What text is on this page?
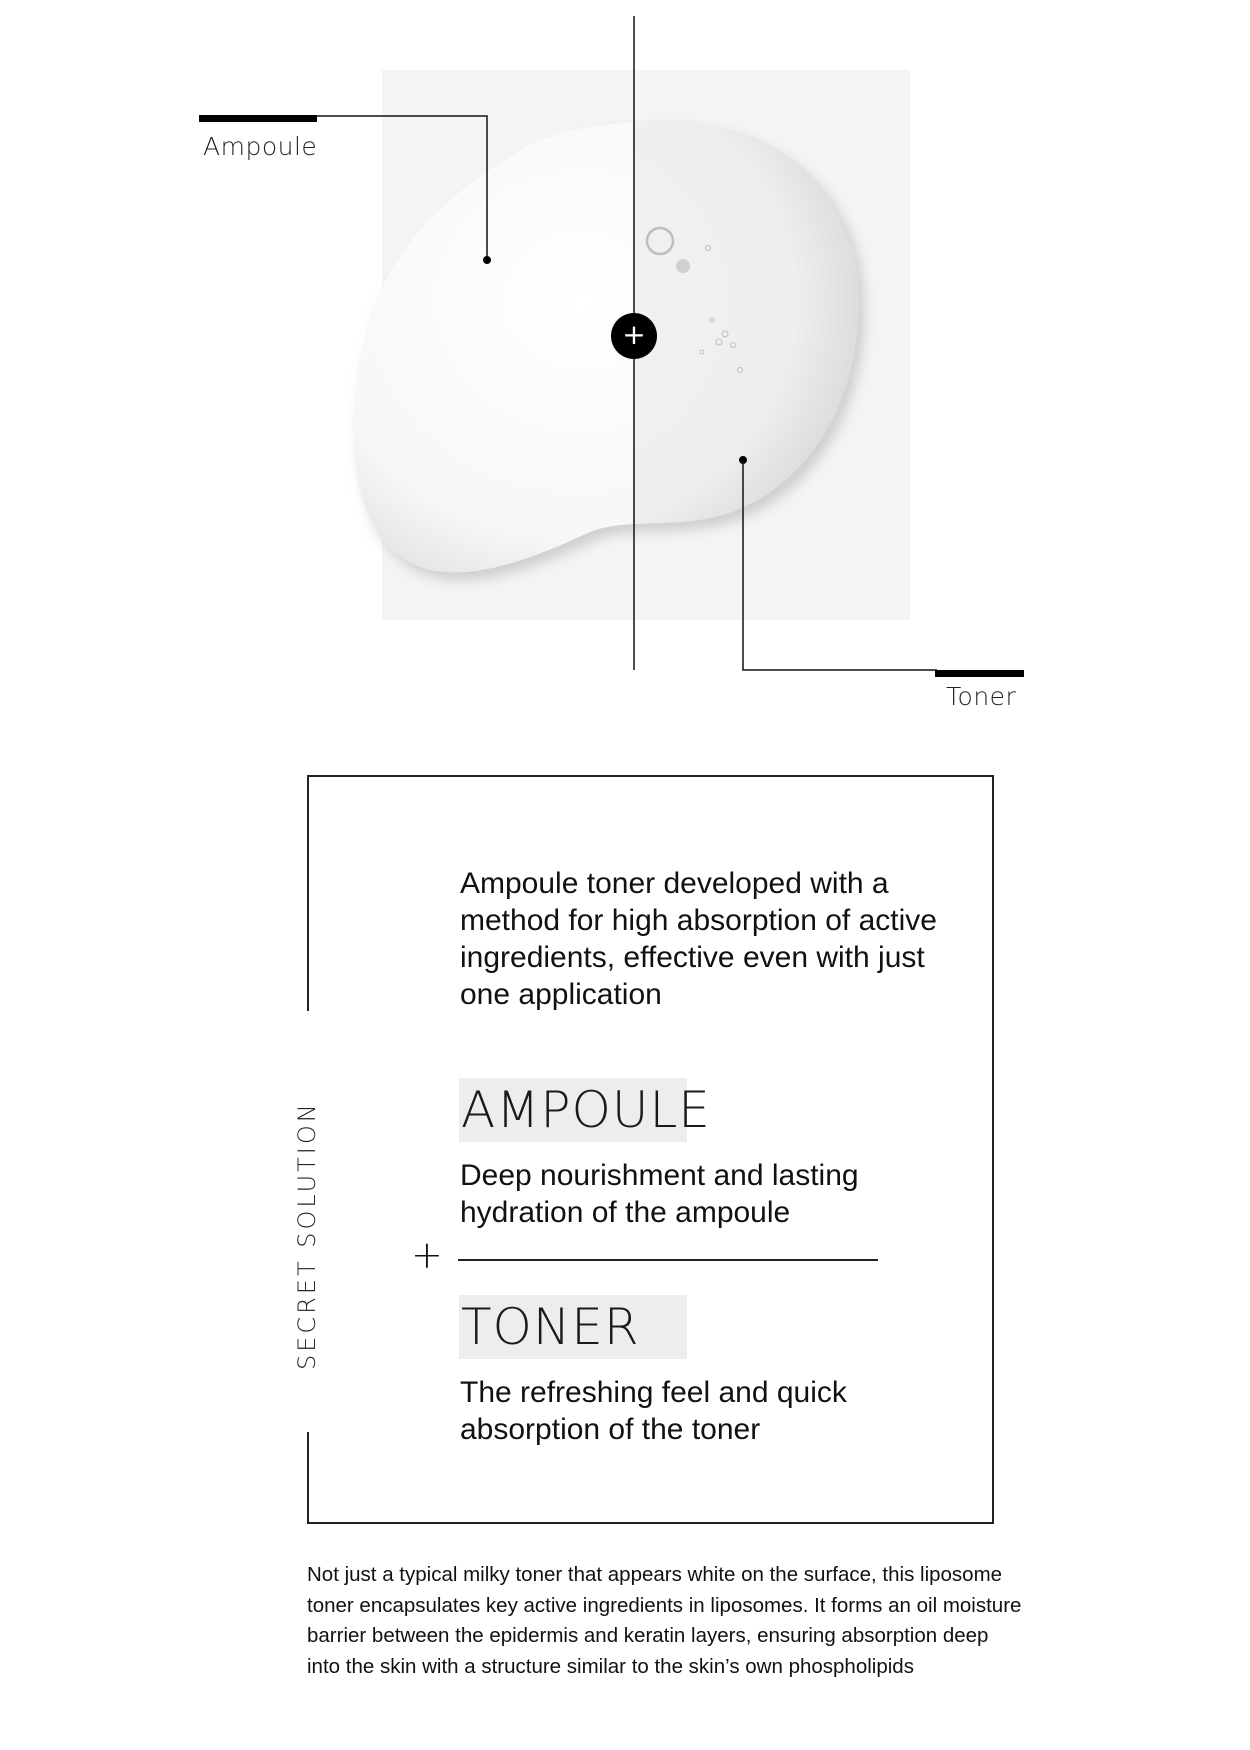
+
Ampoule
Toner
SECRET SOLUTION
Ampoule toner developed with a method for high absorption of active ingredients, effective even with just one application
AMPOULE
Deep nourishment and lasting hydration of the ampoule
+
TONER
The refreshing feel and quick absorption of the toner
Not just a typical milky toner that appears white on the surface, this liposome toner encapsulates key active ingredients in liposomes. It forms an oil moisture barrier between the epidermis and keratin layers, ensuring absorption deep into the skin with a structure similar to the skin’s own phospholipids
